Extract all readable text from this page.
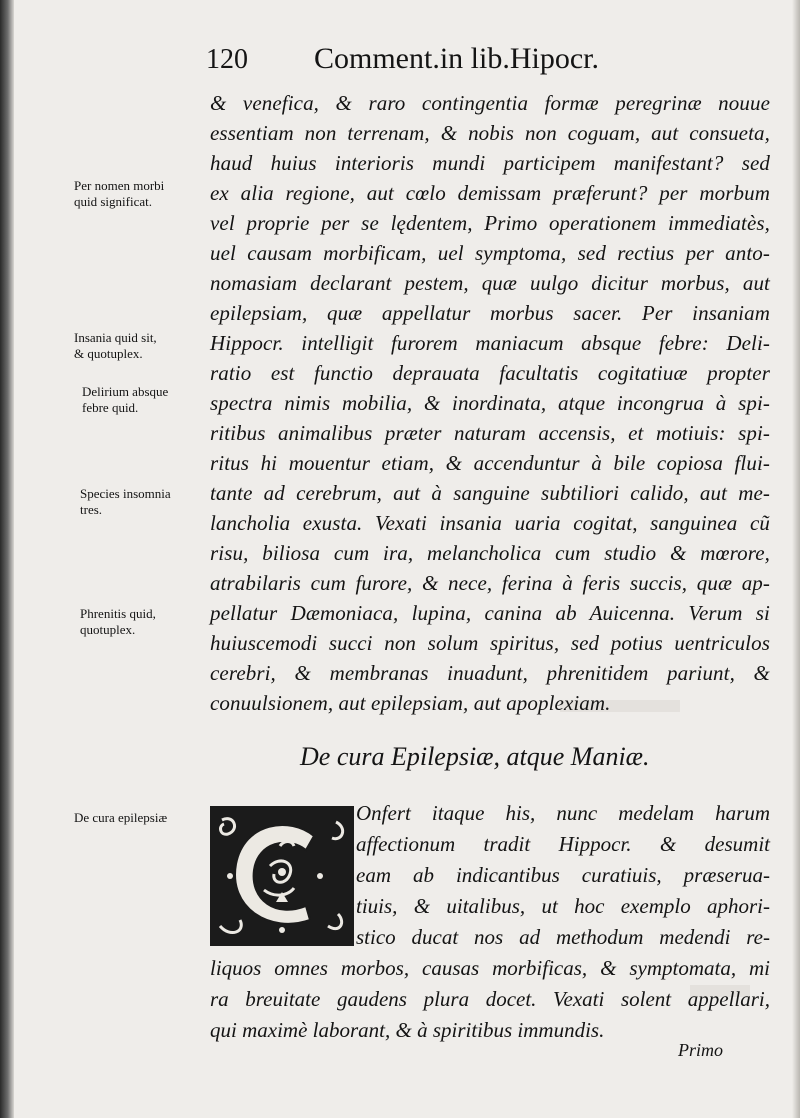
120 Comment.in lib.Hipocr.
& venefica, & raro contingentia formæ peregrinæ nouue
essentiam non terrenam, & nobis non coguam, aut consueta,
haud huius interioris mundi participem manifestant? sed
ex alia regione, aut cœlo demissam præferunt? per morbum
vel proprie per se lędentem, Primo operationem immediatès,
uel causam morbificam, uel symptoma, sed rectius per anto-
nomasiam declarant pestem, quæ uulgo dicitur morbus, aut
epilepsiam, quæ appellatur morbus sacer. Per insaniam
Hippocr. intelligit furorem maniacum absque febre: Deli-
ratio est functio deprauata facultatis cogitatiuæ propter
spectra nimis mobilia, & inordinata, atque incongrua à spi-
ritibus animalibus præter naturam accensis, et motiuis: spi-
ritus hi mouentur etiam, & accenduntur à bile copiosa flui-
tante ad cerebrum, aut à sanguine subtiliori calido, aut me-
lancholia exusta. Vexati insania uaria cogitat, sanguinea cũ
risu, biliosa cum ira, melancholica cum studio & mœrore,
atrabilaris cum furore, & nece, ferina à feris succis, quæ ap-
pellatur Dæmoniaca, lupina, canina ab Auicenna. Verum si
huiuscemodi succi non solum spiritus, sed potius uentriculos
cerebri, & membranas inuadunt, phrenitidem pariunt, &
conuulsionem, aut epilepsiam, aut apoplexiam.
Per nomen morbi
quid significat.
Insania quid sit,
& quotuplex.
Delirium absque
febre quid.
Species insomnia
tres.
Phrenitis quid,
quotuplex.
De cura epilepsiæ
De cura Epilepsiæ, atque Maniæ.
Onfert itaque his, nunc medelam harum
affectionum tradit Hippocr. & desumit
eam ab indicantibus curatiuis, præserua-
tiuis, & uitalibus, ut hoc exemplo aphori-
stico ducat nos ad methodum medendi re-
liquos omnes morbos, causas morbificas, & symptomata, mi
ra breuitate gaudens plura docet. Vexati solent appellari,
qui maximè laborant, & à spiritibus immundis.
Primo
